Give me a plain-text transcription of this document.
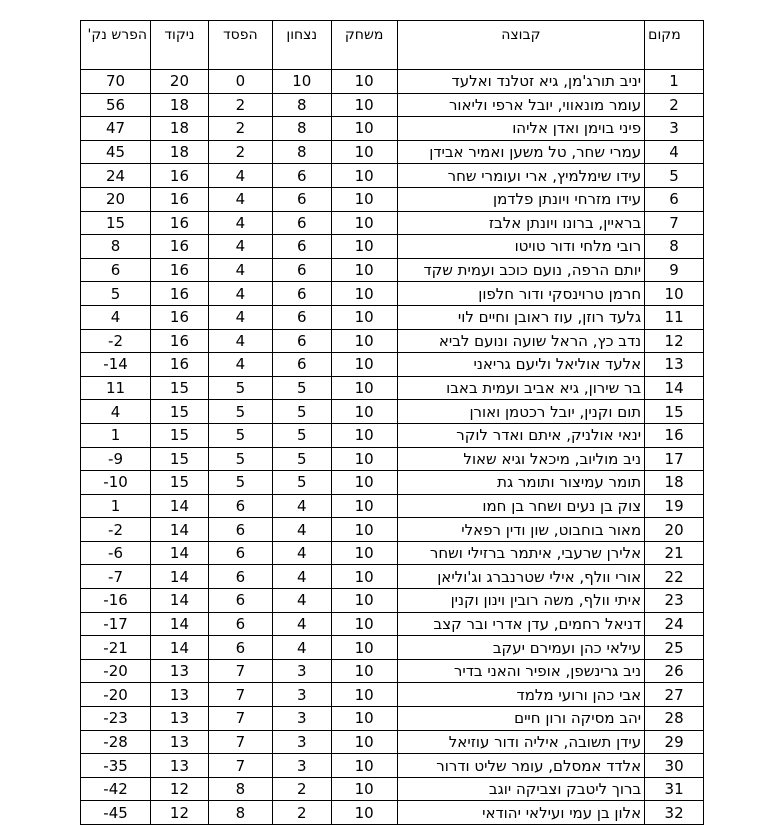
מקום	קבוצה	משחק	נצחון	הפסד	ניקוד	הפרש נק'
1	יניב תורג'מן, גיא זטלנד ואלעד	10	10	0	20	70
2	עומר מונאווי, יובל ארפי וליאור	10	8	2	18	56
3	פיני בוימן ואדן אליהו	10	8	2	18	47
4	עמרי שחר, טל משען ואמיר אבידן	10	8	2	18	45
5	עידו שימלמיץ, ארי ועומרי שחר	10	6	4	16	24
6	עידו מזרחי ויונתן פלדמן	10	6	4	16	20
7	בראיין, ברונו ויונתן אלבז	10	6	4	16	15
8	רובי מלחי ודור טויטו	10	6	4	16	8
9	יותם הרפה, נועם כוכב ועמית שקד	10	6	4	16	6
10	חרמן טרוינסקי ודור חלפון	10	6	4	16	5
11	גלעד רוזן, עוז ראובן וחיים לוי	10	6	4	16	4
12	נדב כץ, הראל שועה ונועם לביא	10	6	4	16	-2
13	אלעד אוליאל וליעם גריאני	10	6	4	16	-14
14	בר שירון, גיא אביב ועמית באבו	10	5	5	15	11
15	תום וקנין, יובל רכטמן ואורן	10	5	5	15	4
16	ינאי אולניק, איתם ואדר לוקר	10	5	5	15	1
17	ניב מוליוב, מיכאל וגיא שאול	10	5	5	15	-9
18	תומר עמיצור ותומר גת	10	5	5	15	-10
19	צוק בן נעים ושחר בן חמו	10	4	6	14	1
20	מאור בוחבוט, שון ודין רפאלי	10	4	6	14	-2
21	אלירן שרעבי, איתמר ברזילי ושחר	10	4	6	14	-6
22	אורי וולף, אילי שטרנברג וג'וליאן	10	4	6	14	-7
23	איתי וולף, משה רובין וינון וקנין	10	4	6	14	-16
24	דניאל רחמים, עדן אדרי ובר קצב	10	4	6	14	-17
25	עילאי כהן ועמירם יעקב	10	4	6	14	-21
26	ניב גרינשפן, אופיר והאני בדיר	10	3	7	13	-20
27	אבי כהן ורועי מלמד	10	3	7	13	-20
28	יהב מסיקה ורון חיים	10	3	7	13	-23
29	עידן תשובה, איליה ודור עוזיאל	10	3	7	13	-28
30	אלדד אמסלם, עומר שליט ודרור	10	3	7	13	-35
31	ברוך ליטבק וצביקה יוגב	10	2	8	12	-42
32	אלון בן עמי ועילאי יהודאי	10	2	8	12	-45
